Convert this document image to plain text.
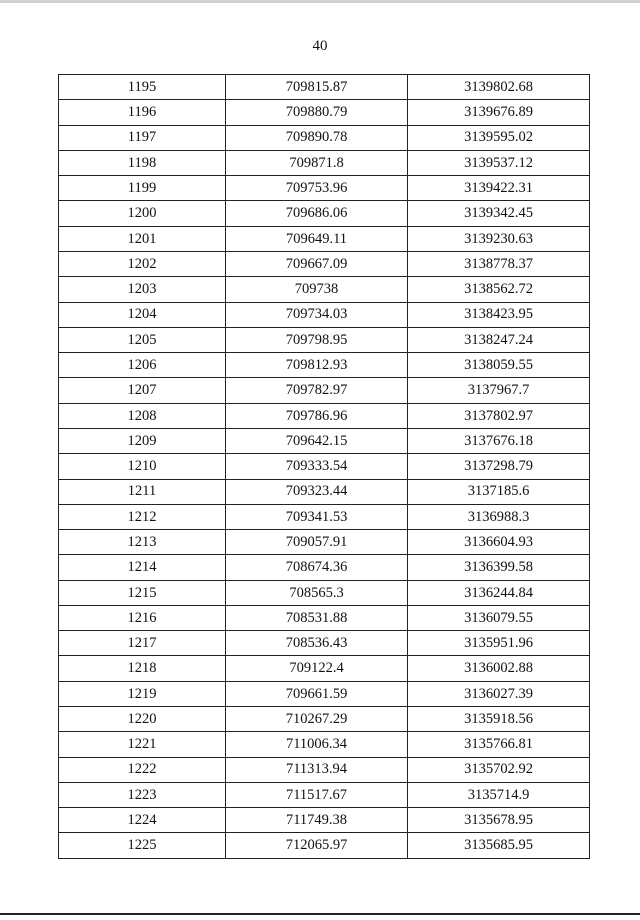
40
1195	709815.87	3139802.68
1196	709880.79	3139676.89
1197	709890.78	3139595.02
1198	709871.8	3139537.12
1199	709753.96	3139422.31
1200	709686.06	3139342.45
1201	709649.11	3139230.63
1202	709667.09	3138778.37
1203	709738	3138562.72
1204	709734.03	3138423.95
1205	709798.95	3138247.24
1206	709812.93	3138059.55
1207	709782.97	3137967.7
1208	709786.96	3137802.97
1209	709642.15	3137676.18
1210	709333.54	3137298.79
1211	709323.44	3137185.6
1212	709341.53	3136988.3
1213	709057.91	3136604.93
1214	708674.36	3136399.58
1215	708565.3	3136244.84
1216	708531.88	3136079.55
1217	708536.43	3135951.96
1218	709122.4	3136002.88
1219	709661.59	3136027.39
1220	710267.29	3135918.56
1221	711006.34	3135766.81
1222	711313.94	3135702.92
1223	711517.67	3135714.9
1224	711749.38	3135678.95
1225	712065.97	3135685.95
